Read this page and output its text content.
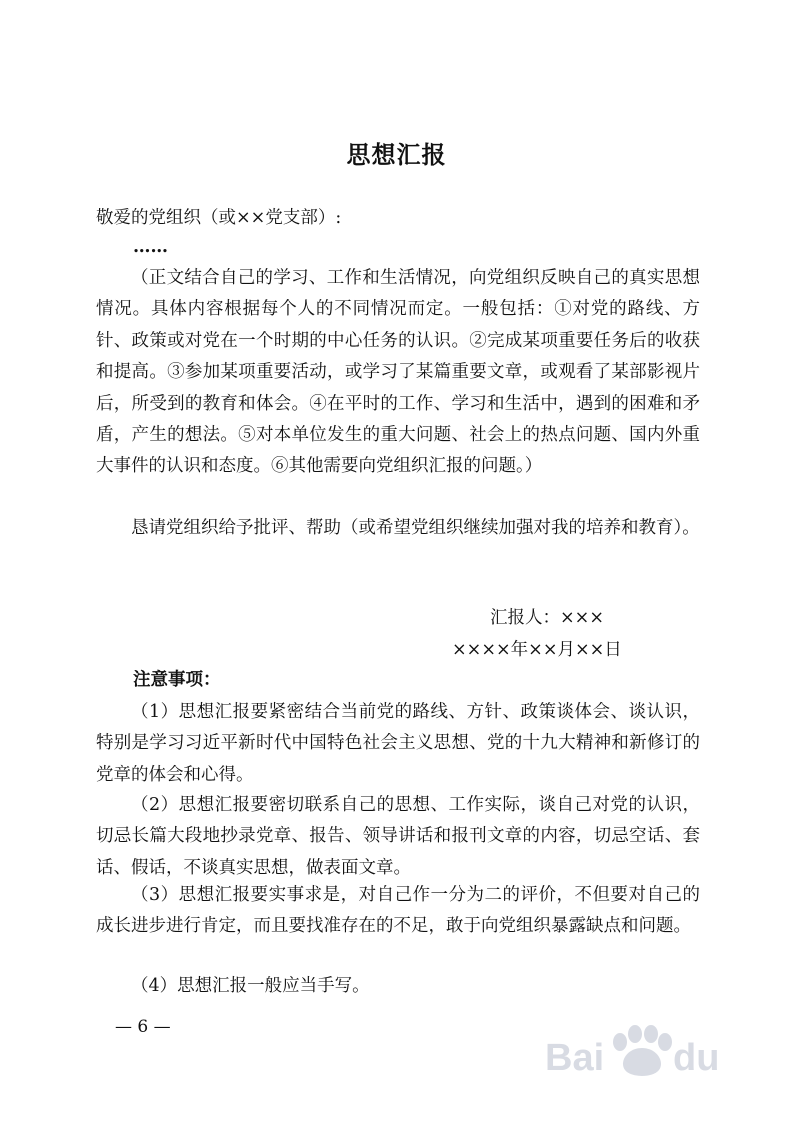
思想汇报
敬爱的党组织（或××党支部）:
……
（正文结合自己的学习、工作和生活情况，向党组织反映自己的真实思想情况。具体内容根据每个人的不同情况而定。一般包括：①对党的路线、方针、政策或对党在一个时期的中心任务的认识。②完成某项重要任务后的收获和提高。③参加某项重要活动，或学习了某篇重要文章，或观看了某部影视片后，所受到的教育和体会。④在平时的工作、学习和生活中，遇到的困难和矛盾，产生的想法。⑤对本单位发生的重大问题、社会上的热点问题、国内外重大事件的认识和态度。⑥其他需要向党组织汇报的问题。）
恳请党组织给予批评、帮助（或希望党组织继续加强对我的培养和教育）。
汇报人：×××
××××年××月××日
注意事项：
（1）思想汇报要紧密结合当前党的路线、方针、政策谈体会、谈认识，特别是学习习近平新时代中国特色社会主义思想、党的十九大精神和新修订的党章的体会和心得。
（2）思想汇报要密切联系自己的思想、工作实际，谈自己对党的认识，切忌长篇大段地抄录党章、报告、领导讲话和报刊文章的内容，切忌空话、套话、假话，不谈真实思想，做表面文章。
（3）思想汇报要实事求是，对自己作一分为二的评价，不但要对自己的成长进步进行肯定，而且要找准存在的不足，敢于向党组织暴露缺点和问题。
（4）思想汇报一般应当手写。
— 6 —
Bai du
